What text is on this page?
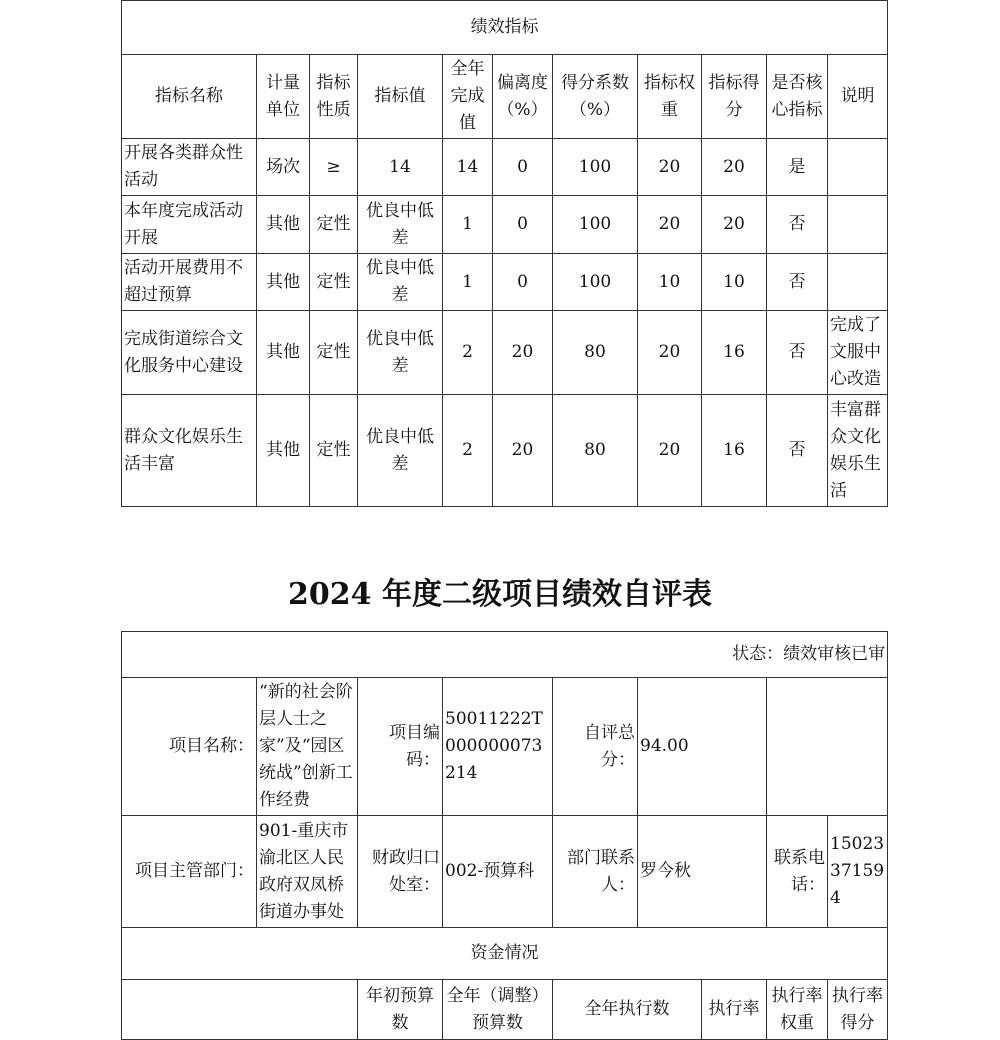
绩效指标										
指标名称	计量单位	指标性质	指标值	全年完成值	偏离度（%）	得分系数（%）	指标权重	指标得分	是否核心指标	说明
开展各类群众性活动	场次	≥	14	14	0	100	20	20	是	
本年度完成活动开展	其他	定性	优良中低差	1	0	100	20	20	否	
活动开展费用不超过预算	其他	定性	优良中低差	1	0	100	10	10	否	
完成街道综合文化服务中心建设	其他	定性	优良中低差	2	20	80	20	16	否	完成了文服中心改造
群众文化娱乐生活丰富	其他	定性	优良中低差	2	20	80	20	16	否	丰富群众文化娱乐生活
2024 年度二级项目绩效自评表
状态：绩效审核已审								
项目名称：	“新的社会阶层人士之家”及“园区统战”创新工作经费	项目编码：	50011222T000000073214	自评总分：	94.00			
项目主管部门：	901-重庆市渝北区人民政府双凤桥街道办事处	财政归口处室：	002-预算科	部门联系人：	罗今秋		联系电话：	15023371594
资金情况								
		年初预算数	全年（调整）预算数	全年执行数		执行率	执行率权重	执行率得分
